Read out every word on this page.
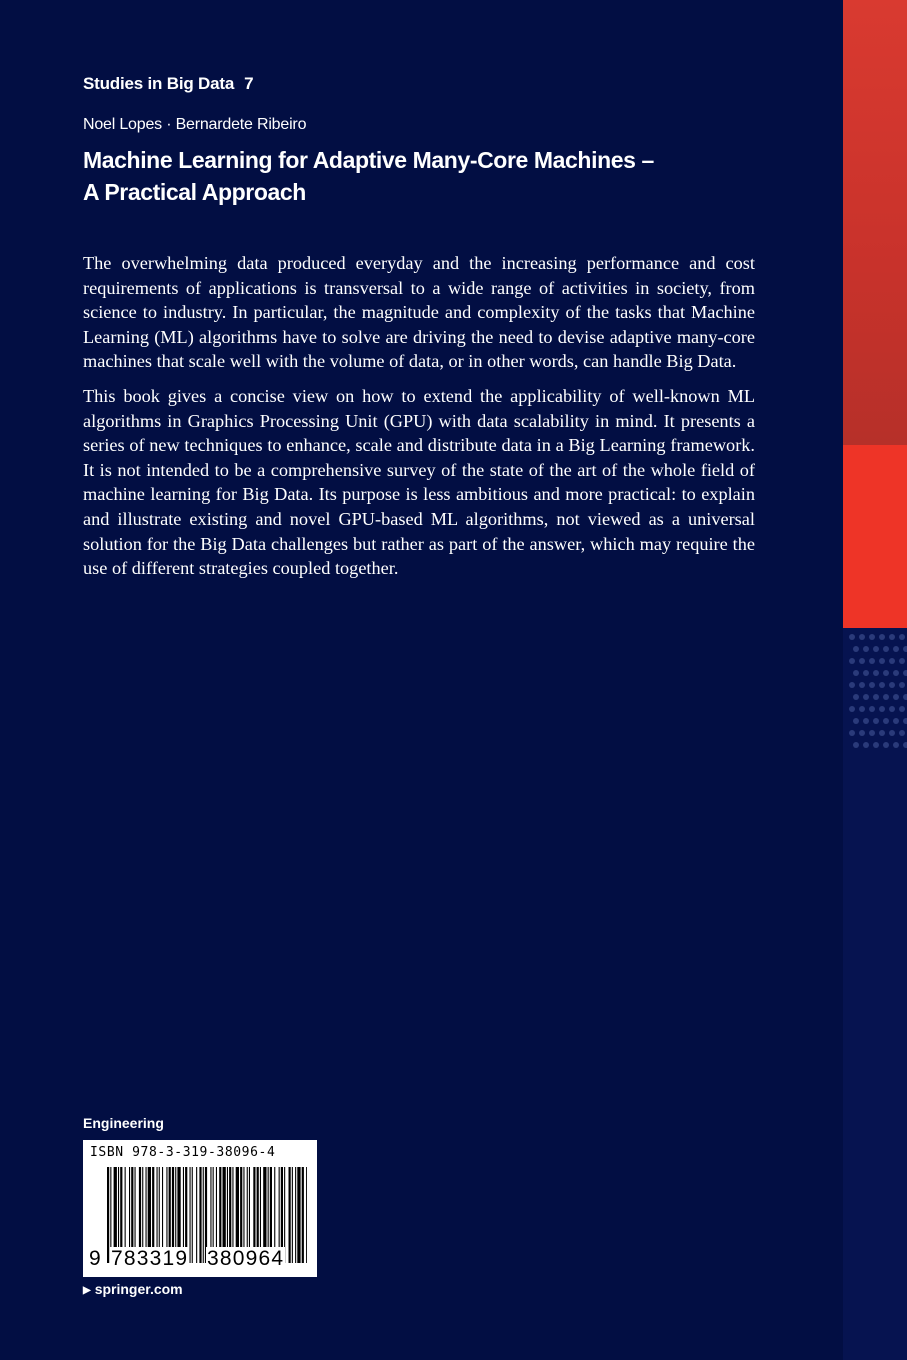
Studies in Big Data 7
Noel Lopes · Bernardete Ribeiro
Machine Learning for Adaptive Many-Core Machines –
A Practical Approach

The overwhelming data produced everyday and the increasing performance and cost requirements of applications is transversal to a wide range of activities in society, from science to industry. In particular, the magnitude and complexity of the tasks that Machine Learning (ML) algorithms have to solve are driving the need to devise adaptive many-core machines that scale well with the volume of data, or in other words, can handle Big Data.

This book gives a concise view on how to extend the applicability of well-known ML algorithms in Graphics Processing Unit (GPU) with data scalability in mind. It presents a series of new techniques to enhance, scale and distribute data in a Big Learning framework. It is not intended to be a comprehensive survey of the state of the art of the whole field of machine learning for Big Data. Its purpose is less ambitious and more practical: to explain and illustrate existing and novel GPU-based ML algorithms, not viewed as a universal solution for the Big Data challenges but rather as part of the answer, which may require the use of different strategies coupled together.

Engineering
ISBN 978-3-319-38096-4
9 783319 380964
▶ springer.com
